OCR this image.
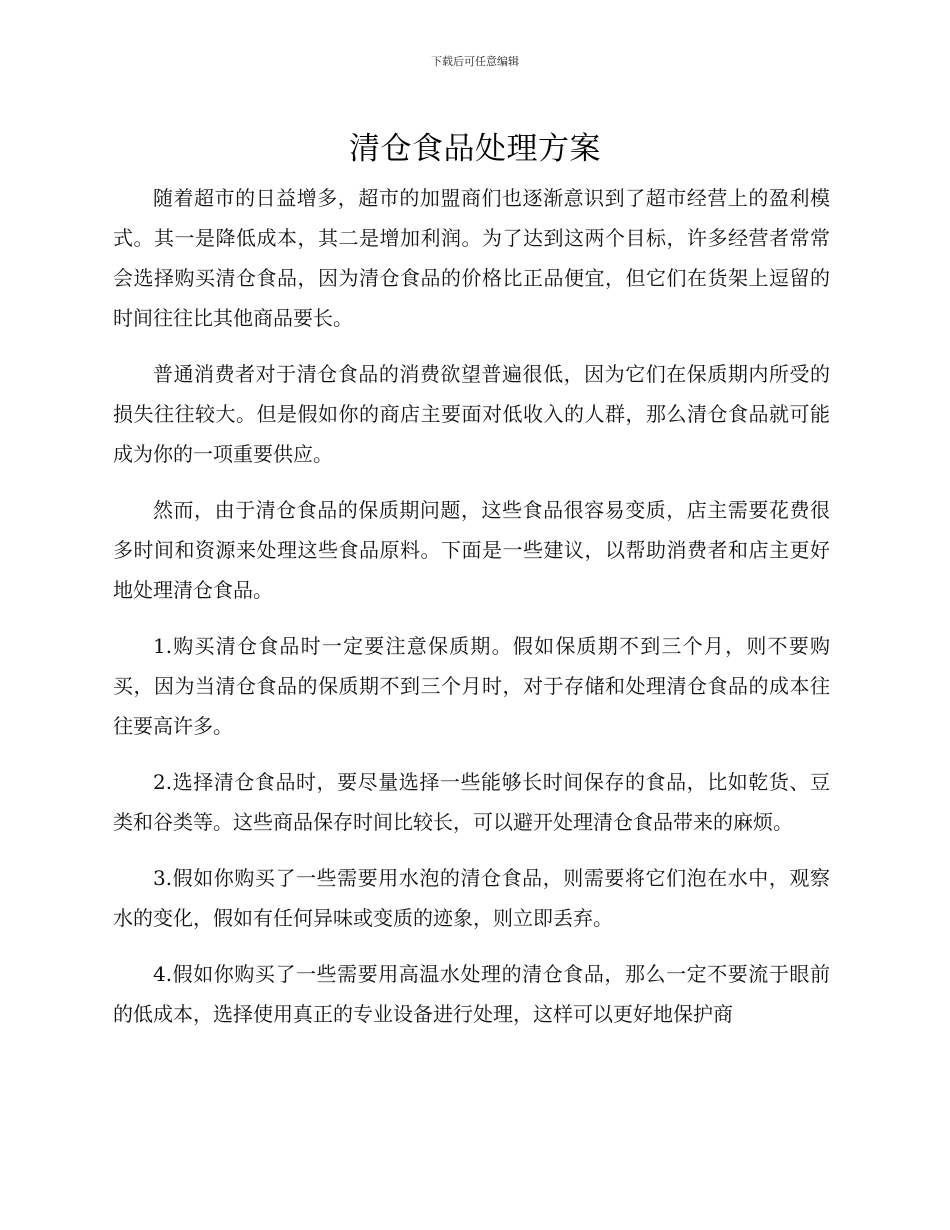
下载后可任意编辑
清仓食品处理方案

随着超市的日益增多，超市的加盟商们也逐渐意识到了超市经营上的盈利模式。其一是降低成本，其二是增加利润。为了达到这两个目标，许多经营者常常会选择购买清仓食品，因为清仓食品的价格比正品便宜，但它们在货架上逗留的时间往往比其他商品要长。

普通消费者对于清仓食品的消费欲望普遍很低，因为它们在保质期内所受的损失往往较大。但是假如你的商店主要面对低收入的人群，那么清仓食品就可能成为你的一项重要供应。

然而，由于清仓食品的保质期问题，这些食品很容易变质，店主需要花费很多时间和资源来处理这些食品原料。下面是一些建议，以帮助消费者和店主更好地处理清仓食品。

1.购买清仓食品时一定要注意保质期。假如保质期不到三个月，则不要购买，因为当清仓食品的保质期不到三个月时，对于存储和处理清仓食品的成本往往要高许多。

2.选择清仓食品时，要尽量选择一些能够长时间保存的食品，比如乾货、豆类和谷类等。这些商品保存时间比较长，可以避开处理清仓食品带来的麻烦。

3.假如你购买了一些需要用水泡的清仓食品，则需要将它们泡在水中，观察水的变化，假如有任何异味或变质的迹象，则立即丢弃。

4.假如你购买了一些需要用高温水处理的清仓食品，那么一定不要流于眼前的低成本，选择使用真正的专业设备进行处理，这样可以更好地保护商
